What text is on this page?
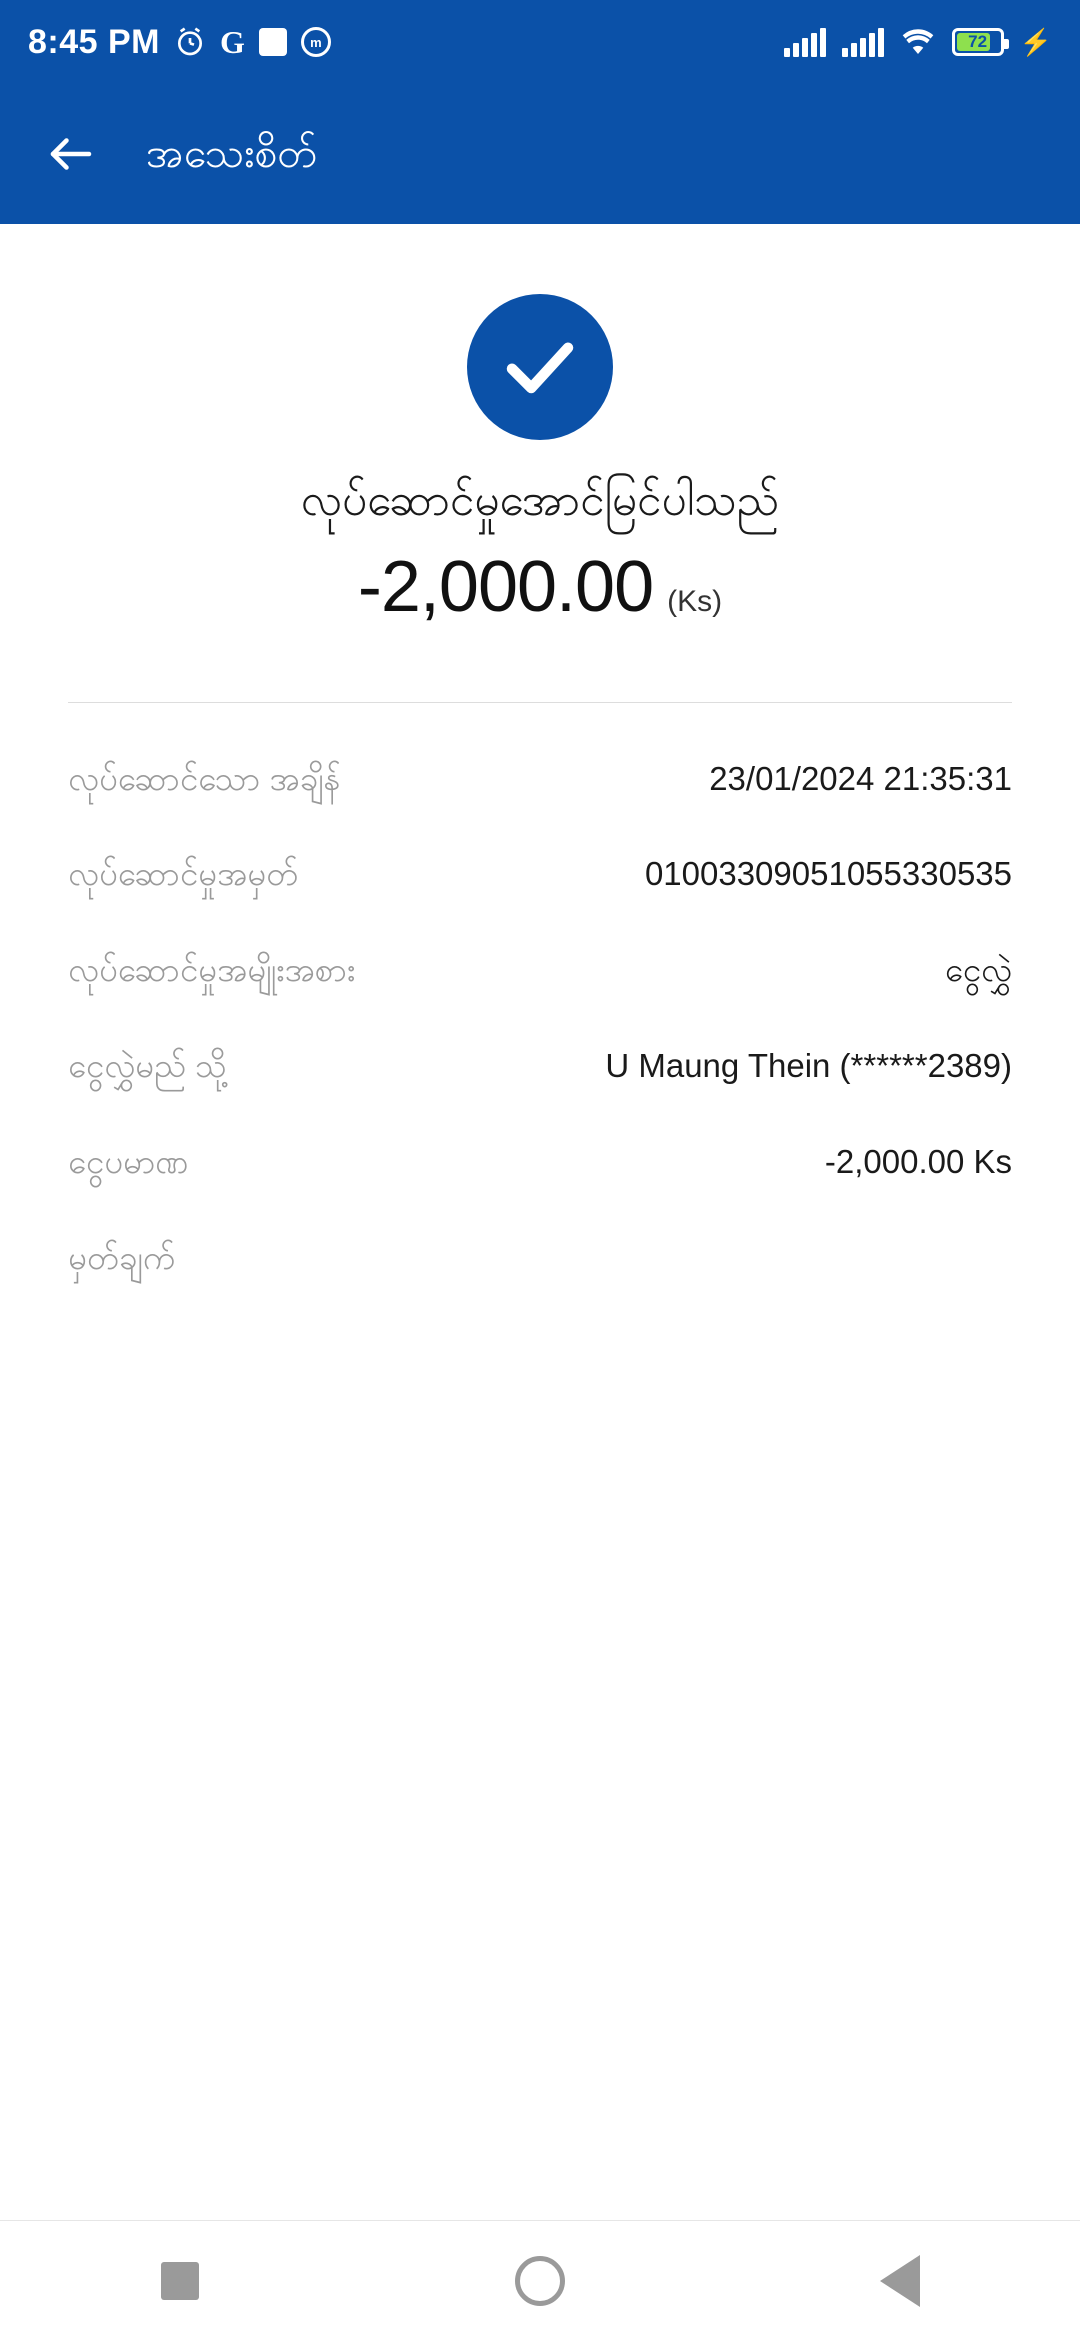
8:45 PM G	m	72 ⚡
အသေးစိတ်
လုပ်ဆောင်မှုအောင်မြင်ပါသည်
-2,000.00 (Ks)
လုပ်ဆောင်သော အချိန်	23/01/2024 21:35:31
လုပ်ဆောင်မှုအမှတ်	01003309051055330535
လုပ်ဆောင်မှုအမျိုးအစား	ငွေလွှဲ
ငွေလွှဲမည် သို့	U Maung Thein (******2389)
ငွေပမာဏ	-2,000.00 Ks
မှတ်ချက်
